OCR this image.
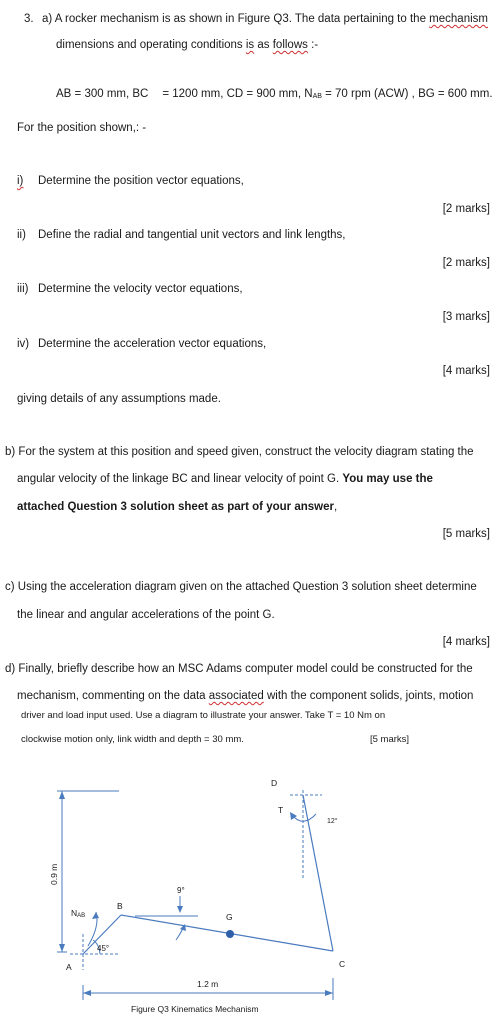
3. a) A rocker mechanism is as shown in Figure Q3. The data pertaining to the mechanism
dimensions and operating conditions is as follows :-
AB = 300 mm, BC = 1200 mm, CD = 900 mm, $N_{AB} = 70$ rpm (ACW) , BG = 600 mm.
For the position shown,: -
i) Determine the position vector equations,
[2 marks]
ii) Define the radial and tangential unit vectors and link lengths,
[2 marks]
iii) Determine the velocity vector equations,
[3 marks]
iv) Determine the acceleration vector equations,
[4 marks]
giving details of any assumptions made.
b) For the system at this position and speed given, construct the velocity diagram stating the
angular velocity of the linkage BC and linear velocity of point G. You may use the
attached Question 3 solution sheet as part of your answer,
[5 marks]
c) Using the acceleration diagram given on the attached Question 3 solution sheet determine
the linear and angular accelerations of the point G.
[4 marks]
d) Finally, briefly describe how an MSC Adams computer model could be constructed for the
mechanism, commenting on the data associated with the component solids, joints, motion
driver and load input used. Use a diagram to illustrate your answer. Take T = 10 Nm on
clockwise motion only, link width and depth = 30 mm.	[5 marks]
A
B
C
D
G
T
NAB
45°
9°
12°
1.2 m
0.9 m
Figure Q3 Kinematics Mechanism
